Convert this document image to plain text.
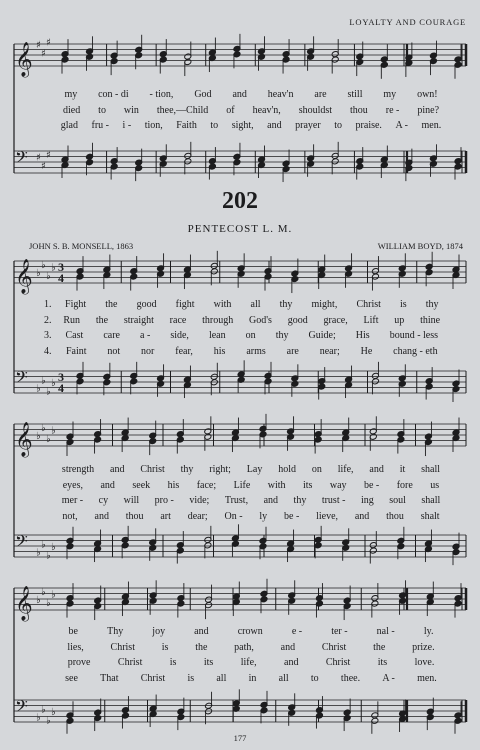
LOYALTY AND COURAGE
202
PENTECOST L. M.
JOHN S. B. MONSELL, 1863	WILLIAM BOYD, 1874
𝄞 ♯
♯
♯
𝄢 ♯
♯
♯
𝄞 ♭
♭
♭
♭ 3
4
𝄢 ♭
♭
♭
♭ 3
4
𝄞 ♭
♭
♭
♭
𝄢 ♭
♭
♭
♭
𝄞 ♭
♭
♭
♭
𝄢 ♭
♭
♭
♭
my	con - di	- tion,	God	and	heav'n	are	still	my	own!
died	to	win	thee,—Child	of	heav'n,	shouldst	thou	re -	pine?
glad	fru -	i -	tion,	Faith	to	sight,	and	prayer	to	praise.	A -	men.
1.	Fight	the	good	fight	with	all	thy	might,	Christ	is	thy
2.	Run	the	straight	race	through	God's	good	grace,	Lift	up	thine
3.	Cast	care	a -	side,	lean	on	thy	Guide;	His	bound - less
4.	Faint	not	nor	fear,	his	arms	are	near;	He	chang - eth
strength	and	Christ	thy	right;	Lay	hold	on	life,	and	it	shall
eyes,	and	seek	his	face;	Life	with	its	way	be -	fore	us
mer -	cy	will	pro -	vide;	Trust,	and	thy	trust -	ing	soul	shall
not,	and	thou	art	dear;	On -	ly	be -	lieve,	and	thou	shalt
be	Thy	joy	and	crown	e -	ter -	nal -	ly.
lies,	Christ	is	the	path,	and	Christ	the	prize.
prove	Christ	is	its	life,	and	Christ	its	love.
see	That	Christ	is	all	in	all	to	thee.	A -	men.
177
